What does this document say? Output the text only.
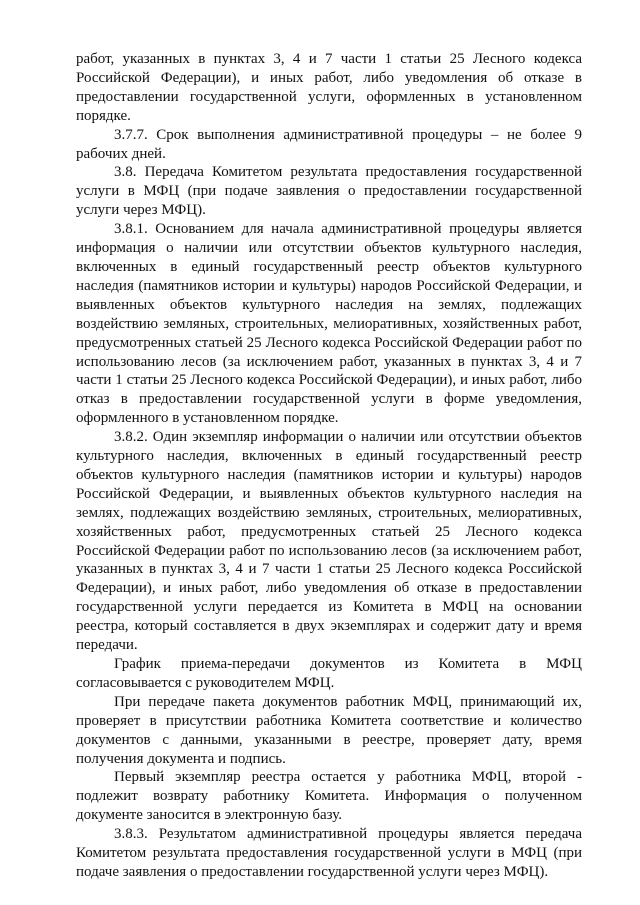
работ, указанных в пунктах 3, 4 и 7 части 1 статьи 25 Лесного кодекса Российской Федерации), и иных работ, либо уведомления об отказе в предоставлении государственной услуги, оформленных в установленном порядке.

3.7.7. Срок выполнения административной процедуры – не более 9 рабочих дней.

3.8. Передача Комитетом результата предоставления государственной услуги в МФЦ (при подаче заявления о предоставлении государственной услуги через МФЦ).

3.8.1. Основанием для начала административной процедуры является информация о наличии или отсутствии объектов культурного наследия, включенных в единый государственный реестр объектов культурного наследия (памятников истории и культуры) народов Российской Федерации, и выявленных объектов культурного наследия на землях, подлежащих воздействию земляных, строительных, мелиоративных, хозяйственных работ, предусмотренных статьей 25 Лесного кодекса Российской Федерации работ по использованию лесов (за исключением работ, указанных в пунктах 3, 4 и 7 части 1 статьи 25 Лесного кодекса Российской Федерации), и иных работ, либо отказ в предоставлении государственной услуги в форме уведомления, оформленного в установленном порядке.

3.8.2. Один экземпляр информации о наличии или отсутствии объектов культурного наследия, включенных в единый государственный реестр объектов культурного наследия (памятников истории и культуры) народов Российской Федерации, и выявленных объектов культурного наследия на землях, подлежащих воздействию земляных, строительных, мелиоративных, хозяйственных работ, предусмотренных статьей 25 Лесного кодекса Российской Федерации работ по использованию лесов (за исключением работ, указанных в пунктах 3, 4 и 7 части 1 статьи 25 Лесного кодекса Российской Федерации), и иных работ, либо уведомления об отказе в предоставлении государственной услуги передается из Комитета в МФЦ на основании реестра, который составляется в двух экземплярах и содержит дату и время передачи.

График приема-передачи документов из Комитета в МФЦ согласовывается с руководителем МФЦ.

При передаче пакета документов работник МФЦ, принимающий их, проверяет в присутствии работника Комитета соответствие и количество документов с данными, указанными в реестре, проверяет дату, время получения документа и подпись.

Первый экземпляр реестра остается у работника МФЦ, второй - подлежит возврату работнику Комитета. Информация о полученном документе заносится в электронную базу.

3.8.3. Результатом административной процедуры является передача Комитетом результата предоставления государственной услуги в МФЦ (при подаче заявления о предоставлении государственной услуги через МФЦ).
